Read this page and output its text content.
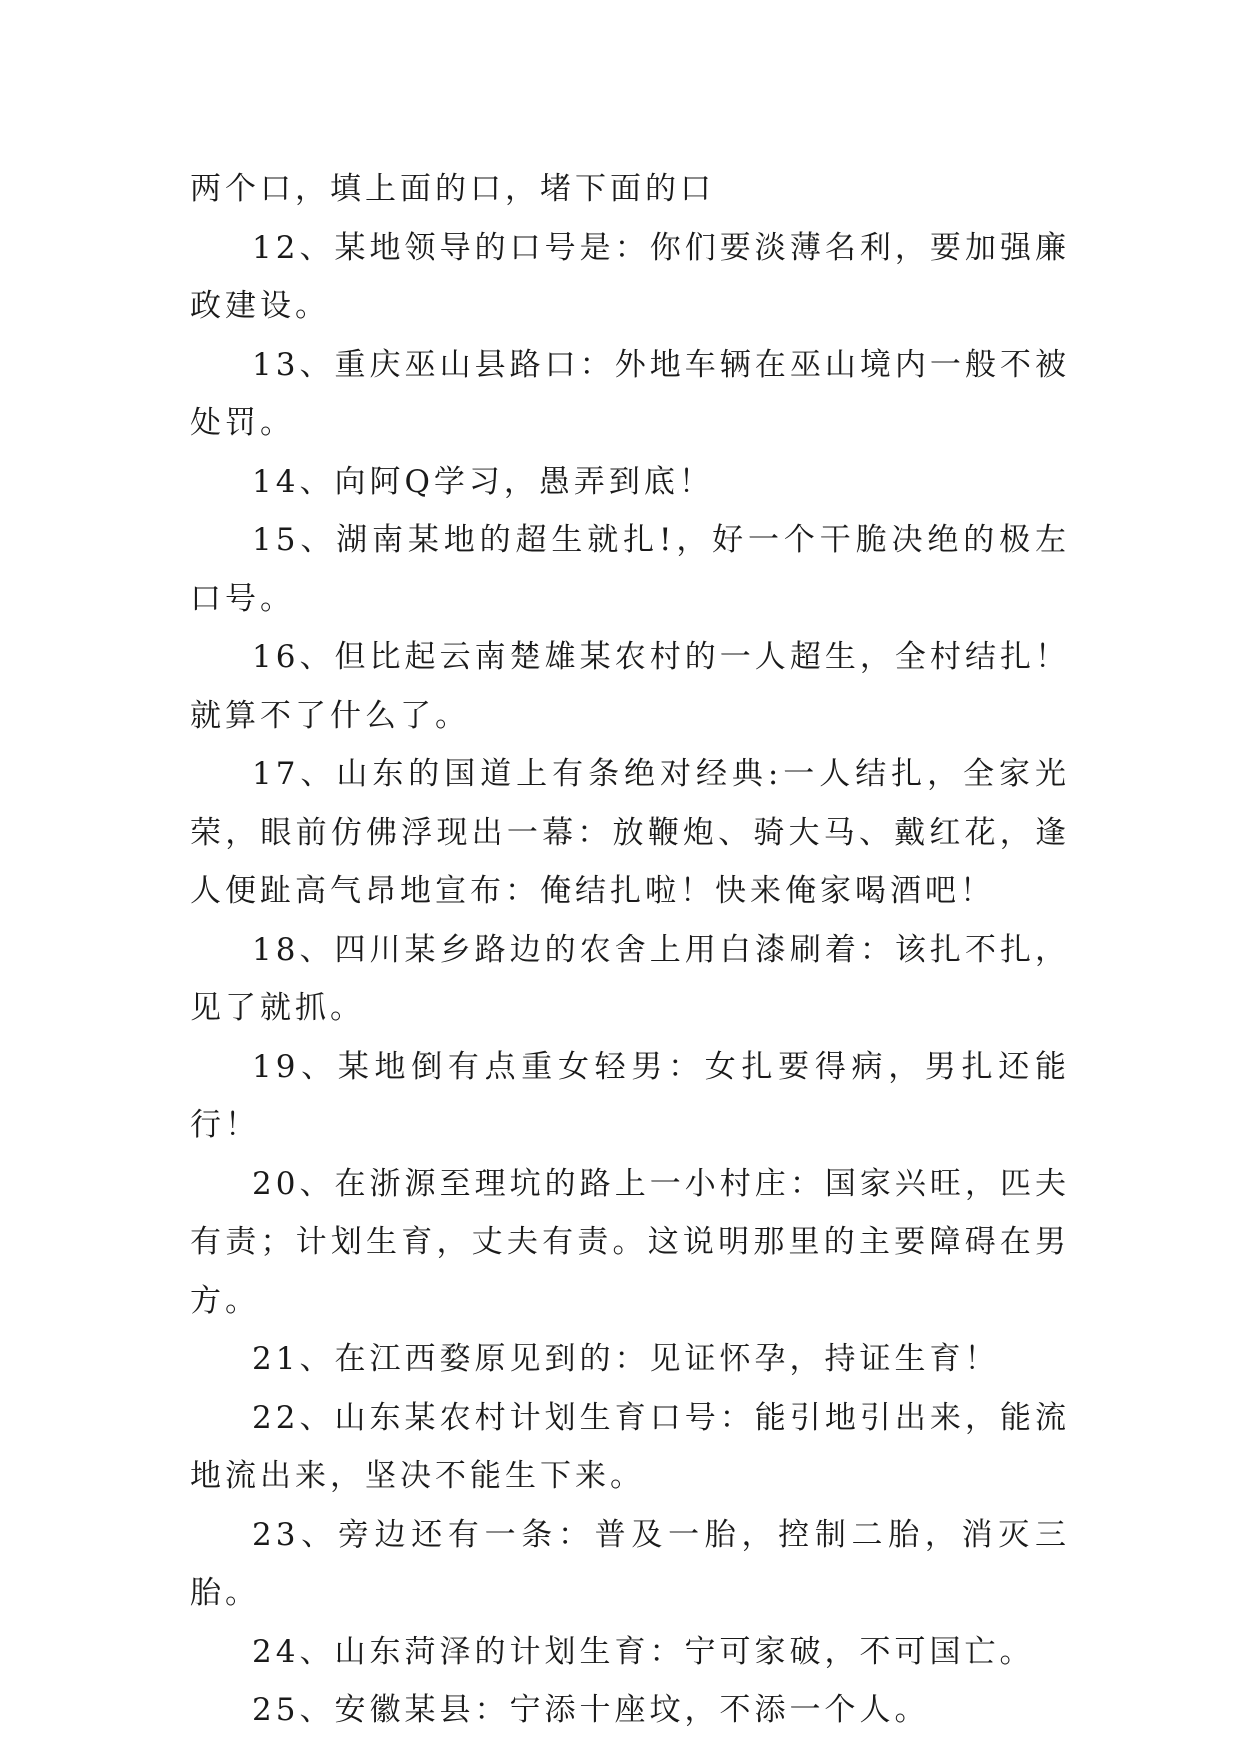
两个口，填上面的口，堵下面的口

12、某地领导的口号是：你们要淡薄名利，要加强廉政建设。

13、重庆巫山县路口：外地车辆在巫山境内一般不被处罚。

14、向阿Q学习，愚弄到底！

15、湖南某地的超生就扎!，好一个干脆决绝的极左口号。

16、但比起云南楚雄某农村的一人超生，全村结扎！就算不了什么了。

17、山东的国道上有条绝对经典:一人结扎，全家光荣，眼前仿佛浮现出一幕：放鞭炮、骑大马、戴红花，逢人便趾高气昂地宣布：俺结扎啦！快来俺家喝酒吧！

18、四川某乡路边的农舍上用白漆刷着：该扎不扎，见了就抓。

19、某地倒有点重女轻男：女扎要得病，男扎还能行！

20、在浙源至理坑的路上一小村庄：国家兴旺，匹夫有责；计划生育，丈夫有责。这说明那里的主要障碍在男方。

21、在江西婺原见到的：见证怀孕，持证生育！

22、山东某农村计划生育口号：能引地引出来，能流地流出来，坚决不能生下来。

23、旁边还有一条：普及一胎，控制二胎，消灭三胎。

24、山东菏泽的计划生育：宁可家破，不可国亡。

25、安徽某县：宁添十座坟，不添一个人。
